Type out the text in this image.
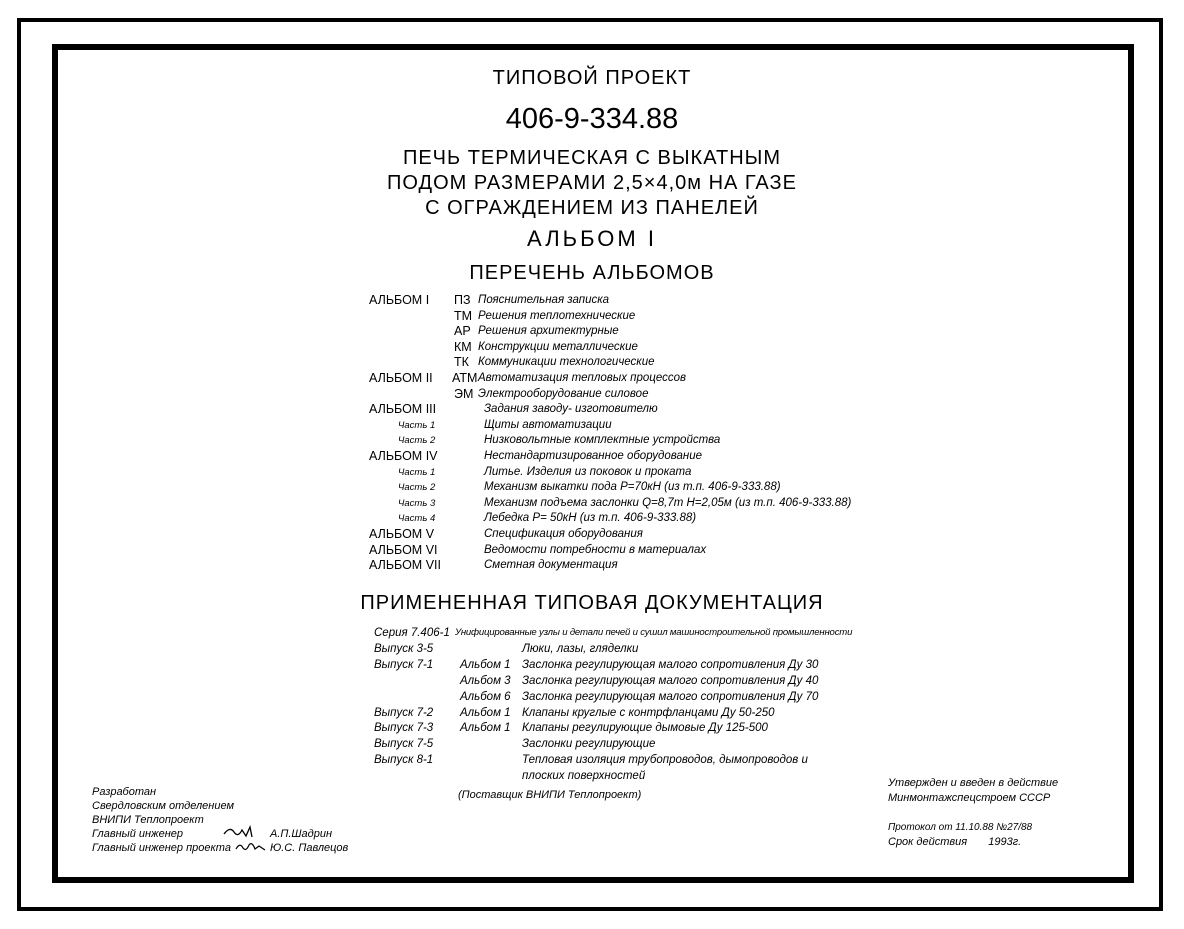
ТИПОВОЙ ПРОЕКТ
406-9-334.88
ПЕЧЬ ТЕРМИЧЕСКАЯ С ВЫКАТНЫМ
ПОДОМ РАЗМЕРАМИ 2,5×4,0м НА ГАЗЕ
С ОГРАЖДЕНИЕМ ИЗ ПАНЕЛЕЙ
АЛЬБОМ I
ПЕРЕЧЕНЬ АЛЬБОМОВ
АЛЬБОМ I ПЗ Пояснительная записка
ТМ Решения теплотехнические
АР Решения архитектурные
КМ Конструкции металлические
ТК Коммуникации технологические
АЛЬБОМ II АТМ Автоматизация тепловых процессов
ЭМ Электрооборудование силовое
АЛЬБОМ III	Задания заводу- изготовителю
Часть 1	Щиты автоматизации
Часть 2	Низковольтные комплектные устройства
АЛЬБОМ IV	Нестандартизированное оборудование
Часть 1	Литье. Изделия из поковок и проката
Часть 2	Механизм выкатки пода P=70кН (из т.п. 406-9-333.88)
Часть 3	Механизм подъема заслонки Q=8,7т H=2,05м (из т.п. 406-9-333.88)
Часть 4	Лебедка P= 50кН (из т.п. 406-9-333.88)
АЛЬБОМ V	Спецификация оборудования
АЛЬБОМ VI	Ведомости потребности в материалах
АЛЬБОМ VII	Сметная документация
ПРИМЕНЕННАЯ ТИПОВАЯ ДОКУМЕНТАЦИЯ
Серия 7.406-1 Унифицированные узлы и детали печей и сушил машиностроительной промышленности
Выпуск 3-5	Люки, лазы, гляделки
Выпуск 7-1 Альбом 1 Заслонка регулирующая малого сопротивления Ду 30
Альбом 3 Заслонка регулирующая малого сопротивления Ду 40
Альбом 6 Заслонка регулирующая малого сопротивления Ду 70
Выпуск 7-2 Альбом 1 Клапаны круглые с контрфланцами Ду 50-250
Выпуск 7-3 Альбом 1 Клапаны регулирующие дымовые Ду 125-500
Выпуск 7-5	Заслонки регулирующие
Выпуск 8-1	Тепловая изоляция трубопроводов, дымопроводов и
плоских поверхностей
(Поставщик ВНИПИ Теплопроект)
Разработан
Свердловским отделением
ВНИПИ Теплопроект
Главный инженер	А.П.Шадрин
Главный инженер проекта	Ю.С. Павлецов
Утвержден и введен в действие
Минмонтажспецстроем СССР
Протокол от 11.10.88 №27/88
Срок действия 1993г.
